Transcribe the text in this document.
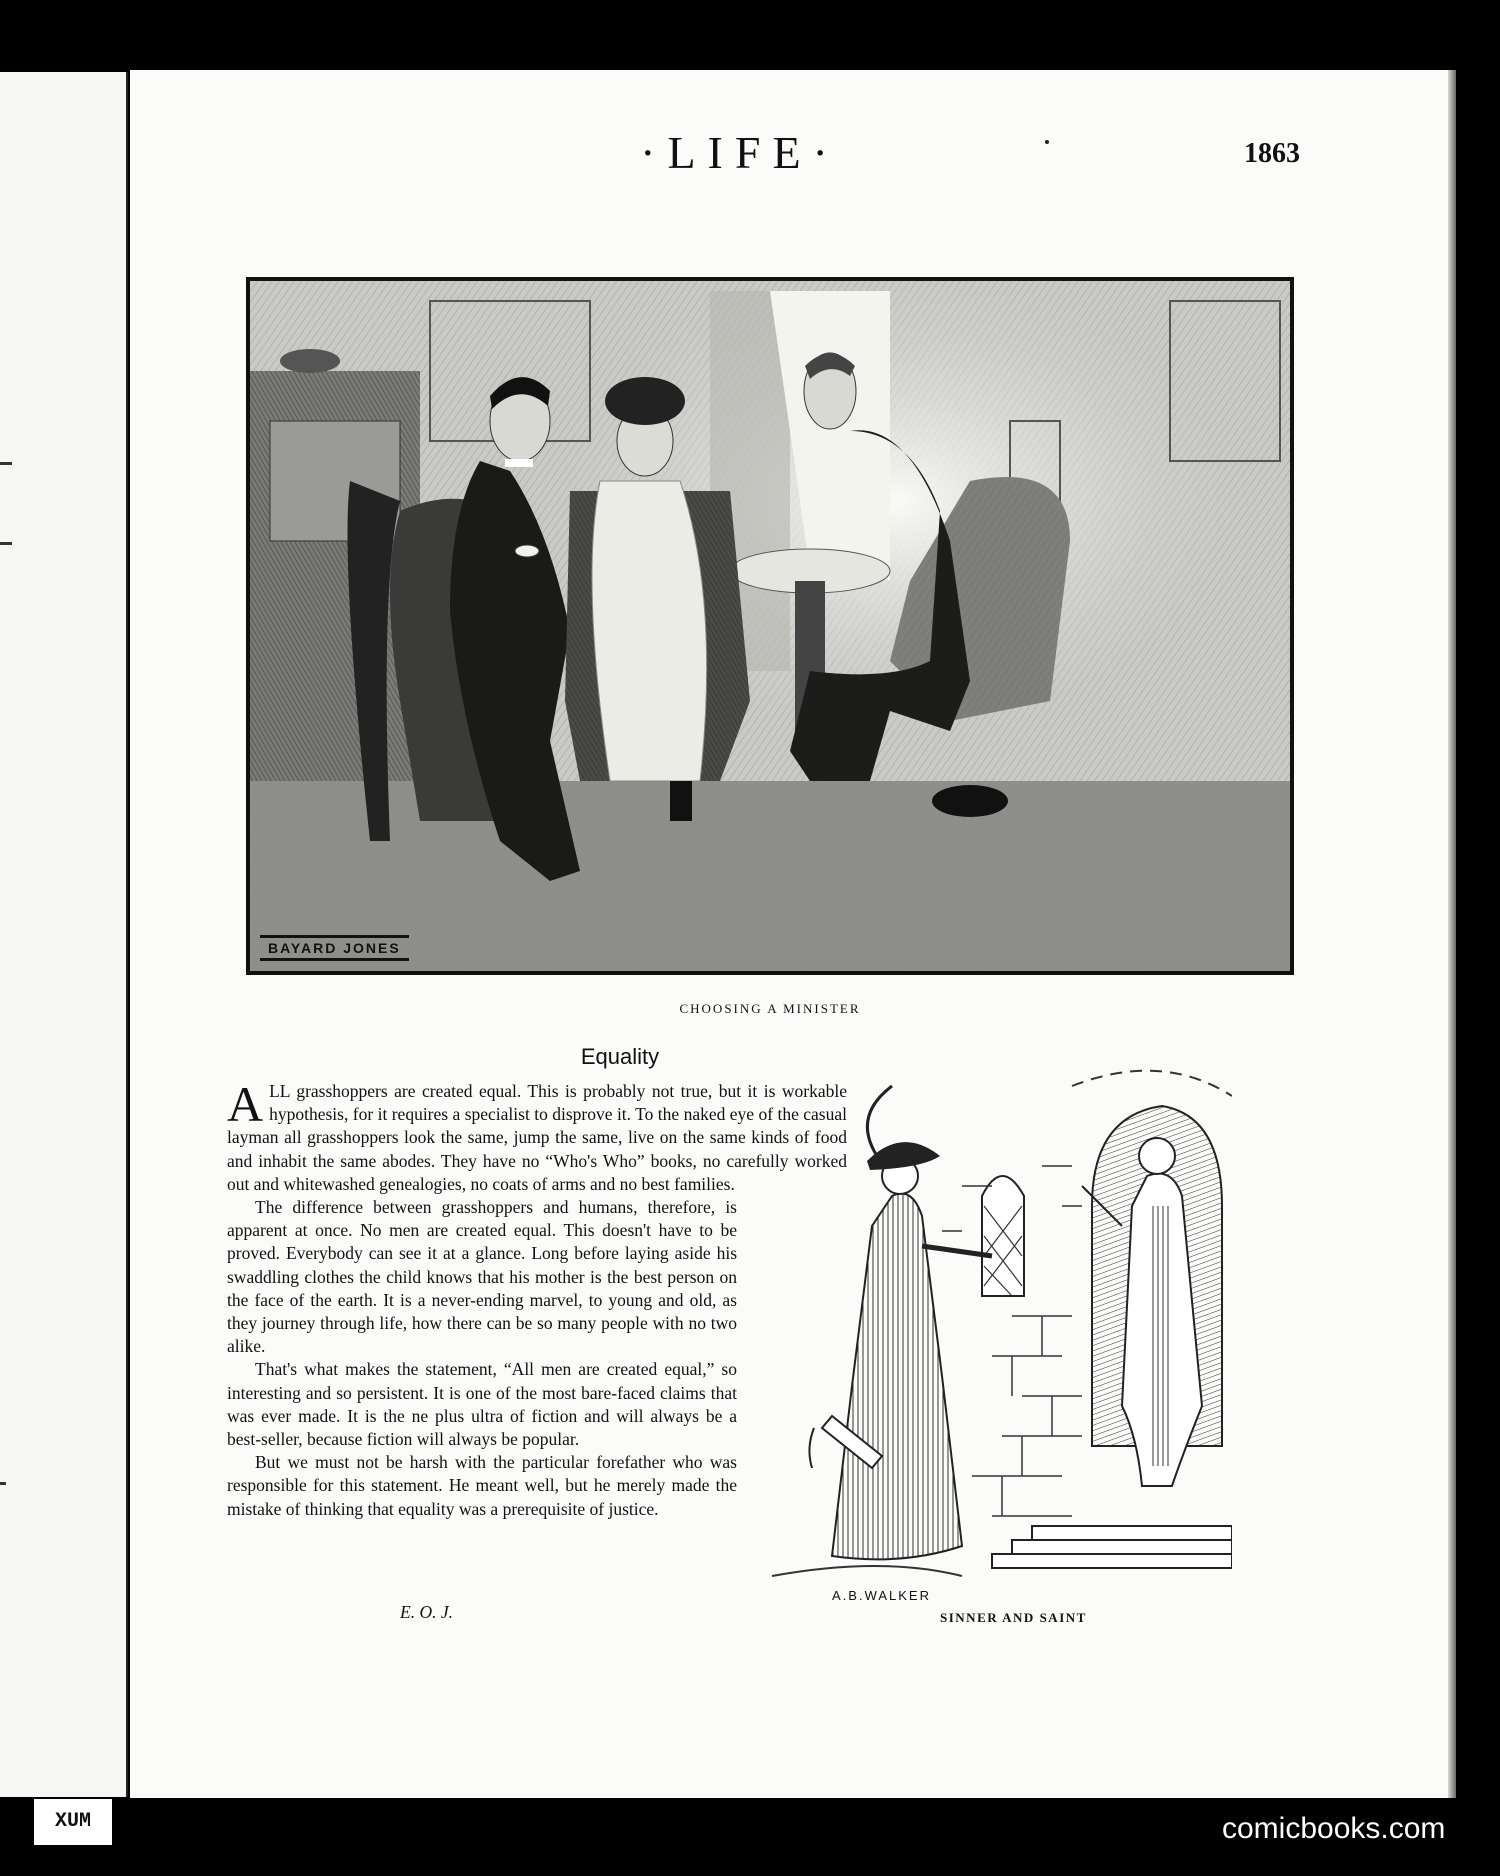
·LIFE·	1863
BAYARD JONES
CHOOSING A MINISTER
Equality

ALL grasshoppers are created equal. This is probably not true, but it is workable hypothesis, for it requires a specialist to disprove it. To the naked eye of the casual layman all grasshoppers look the same, jump the same, live on the same kinds of food and inhabit the same abodes. They have no “Who's Who” books, no carefully worked out and whitewashed genealogies, no coats of arms and no best families.

The difference between grasshoppers and humans, therefore, is apparent at once. No men are created equal. This doesn't have to be proved. Everybody can see it at a glance. Long before laying aside his swaddling clothes the child knows that his mother is the best person on the face of the earth. It is a never-ending marvel, to young and old, as they journey through life, how there can be so many people with no two alike.

That's what makes the statement, “All men are created equal,” so interesting and so persistent. It is one of the most bare-faced claims that was ever made. It is the ne plus ultra of fiction and will always be a best-seller, because fiction will always be popular.

But we must not be harsh with the particular forefather who was responsible for this statement. He meant well, but he merely made the mistake of thinking that equality was a prerequisite of justice.

E. O. J.
A.B.WALKER
SINNER AND SAINT
XUM	comicbooks.com
